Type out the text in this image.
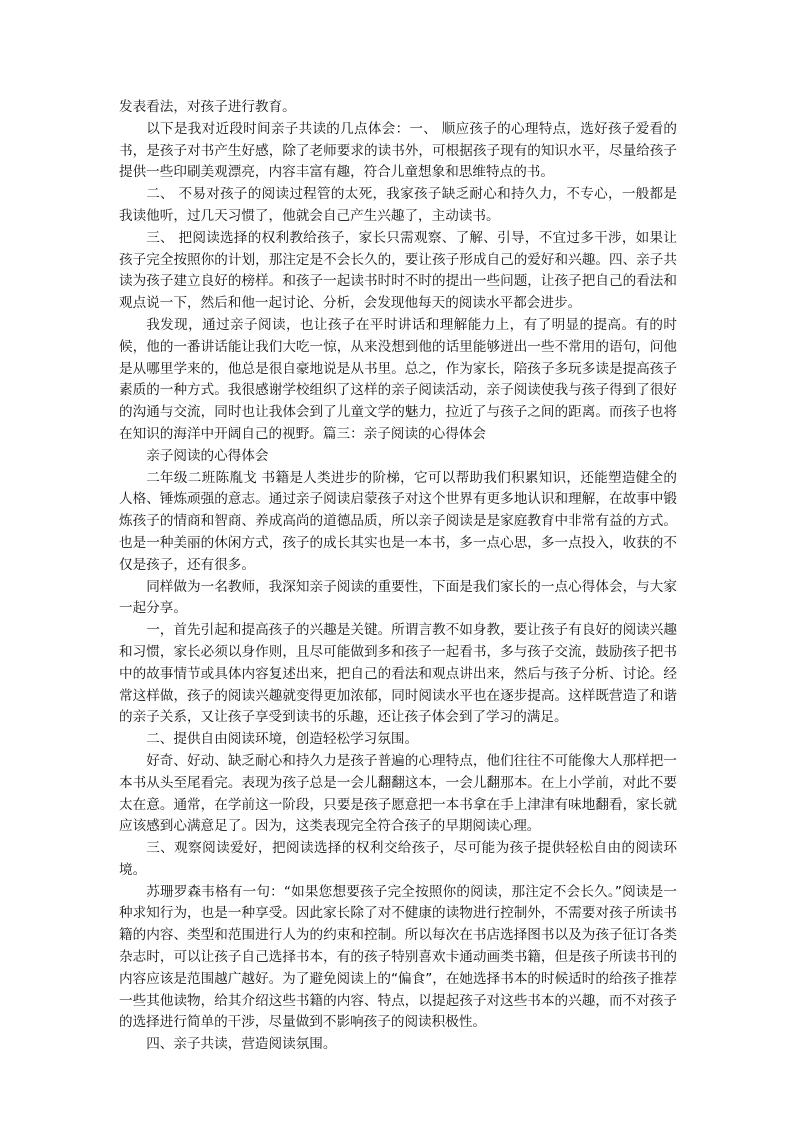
发表看法，对孩子进行教育。

以下是我对近段时间亲子共读的几点体会：一、 顺应孩子的心理特点，选好孩子爱看的书，是孩子对书产生好感，除了老师要求的读书外，可根据孩子现有的知识水平，尽量给孩子提供一些印刷美观漂亮，内容丰富有趣，符合儿童想象和思维特点的书。

二、 不易对孩子的阅读过程管的太死，我家孩子缺乏耐心和持久力，不专心，一般都是我读他听，过几天习惯了，他就会自己产生兴趣了，主动读书。

三、 把阅读选择的权利教给孩子，家长只需观察、了解、引导，不宜过多干涉，如果让孩子完全按照你的计划，那注定是不会长久的，要让孩子形成自己的爱好和兴趣。四、亲子共读为孩子建立良好的榜样。和孩子一起读书时时不时的提出一些问题，让孩子把自己的看法和观点说一下，然后和他一起讨论、分析，会发现他每天的阅读水平都会进步。

我发现，通过亲子阅读，也让孩子在平时讲话和理解能力上，有了明显的提高。有的时候，他的一番讲话能让我们大吃一惊，从来没想到他的话里能够迸出一些不常用的语句，问他是从哪里学来的，他总是很自豪地说是从书里。总之，作为家长，陪孩子多玩多读是提高孩子素质的一种方式。我很感谢学校组织了这样的亲子阅读活动，亲子阅读使我与孩子得到了很好的沟通与交流，同时也让我体会到了儿童文学的魅力，拉近了与孩子之间的距离。而孩子也将在知识的海洋中开阔自己的视野。篇三：亲子阅读的心得体会

亲子阅读的心得体会

二年级二班陈胤戈 书籍是人类进步的阶梯，它可以帮助我们积累知识，还能塑造健全的人格、锤炼顽强的意志。通过亲子阅读启蒙孩子对这个世界有更多地认识和理解，在故事中锻炼孩子的情商和智商、养成高尚的道德品质，所以亲子阅读是是家庭教育中非常有益的方式。也是一种美丽的休闲方式，孩子的成长其实也是一本书，多一点心思，多一点投入，收获的不仅是孩子，还有很多。

同样做为一名教师，我深知亲子阅读的重要性，下面是我们家长的一点心得体会，与大家一起分享。

一，首先引起和提高孩子的兴趣是关键。所谓言教不如身教，要让孩子有良好的阅读兴趣和习惯，家长必须以身作则，且尽可能做到多和孩子一起看书，多与孩子交流，鼓励孩子把书中的故事情节或具体内容复述出来，把自己的看法和观点讲出来，然后与孩子分析、讨论。经常这样做，孩子的阅读兴趣就变得更加浓郁，同时阅读水平也在逐步提高。这样既营造了和谐的亲子关系，又让孩子享受到读书的乐趣，还让孩子体会到了学习的满足。

二、提供自由阅读环境，创造轻松学习氛围。

好奇、好动、缺乏耐心和持久力是孩子普遍的心理特点，他们往往不可能像大人那样把一本书从头至尾看完。表现为孩子总是一会儿翻翻这本，一会儿翻那本。在上小学前，对此不要太在意。通常，在学前这一阶段，只要是孩子愿意把一本书拿在手上津津有味地翻看，家长就应该感到心满意足了。因为，这类表现完全符合孩子的早期阅读心理。

三、观察阅读爱好，把阅读选择的权利交给孩子，尽可能为孩子提供轻松自由的阅读环境。

苏珊罗森韦格有一句：“如果您想要孩子完全按照你的阅读，那注定不会长久。”阅读是一种求知行为，也是一种享受。因此家长除了对不健康的读物进行控制外，不需要对孩子所读书籍的内容、类型和范围进行人为的约束和控制。所以每次在书店选择图书以及为孩子征订各类杂志时，可以让孩子自己选择书本，有的孩子特别喜欢卡通动画类书籍，但是孩子所读书刊的内容应该是范围越广越好。为了避免阅读上的“偏食”，在她选择书本的时候适时的给孩子推荐一些其他读物，给其介绍这些书籍的内容、特点，以提起孩子对这些书本的兴趣，而不对孩子的选择进行简单的干涉，尽量做到不影响孩子的阅读积极性。

四、亲子共读，营造阅读氛围。
